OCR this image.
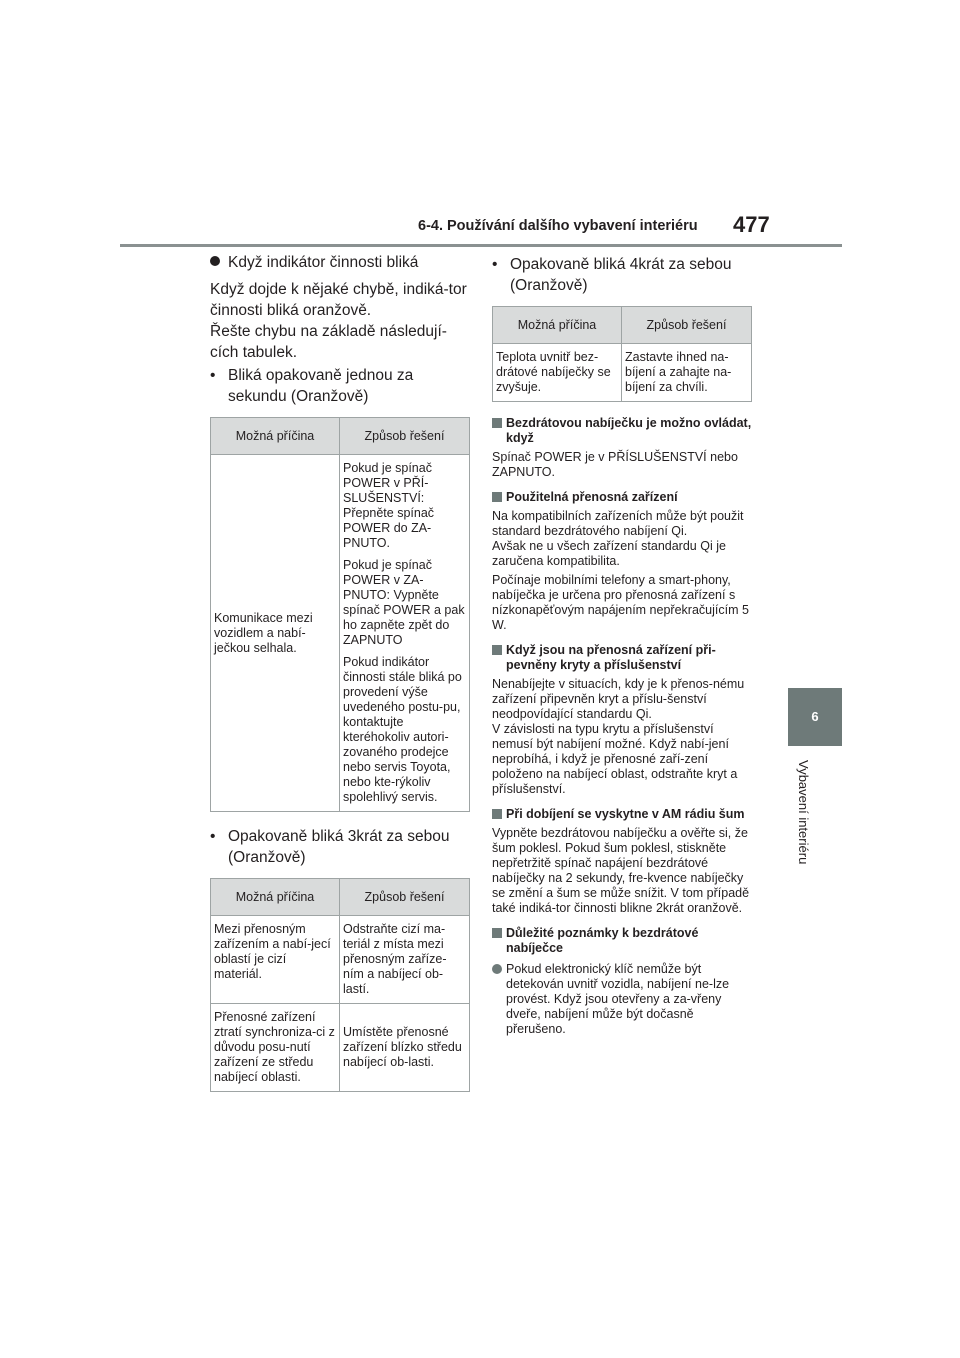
6-4. Používání dalšího vybavení interiéru 477
6
Vybavení interiéru
Když indikátor činnosti bliká

Když dojde k nějaké chybě, indiká-tor činnosti bliká oranžově.

Řešte chybu na základě následují-cích tabulek.

• Bliká opakovaně jednou za sekundu (Oranžově)
Možná příčina	Způsob řešení
Komunikace mezi vozidlem a nabí-ječkou selhala.	Pokud je spínač POWER v PŘÍ-SLUŠENSTVÍ: Přepněte spínač POWER do ZA-PNUTO.

Pokud je spínač POWER v ZA-PNUTO: Vypněte spínač POWER a pak ho zapněte zpět do ZAPNUTO

Pokud indikátor činnosti stále bliká po provedení výše uvedeného postu-pu, kontaktujte kteréhokoliv autori-zovaného prodejce nebo servis Toyota, nebo kte-rýkoliv spolehlivý servis.

• Opakovaně bliká 3krát za sebou (Oranžově)
Možná příčina	Způsob řešení
Mezi přenosným zařízením a nabí-jecí oblastí je cizí materiál.	Odstraňte cizí ma-teriál z místa mezi přenosným zaříze-ním a nabíjecí ob-lastí.
Přenosné zařízení ztratí synchroniza-ci z důvodu posu-nutí zařízení ze středu nabíjecí oblasti.	Umístěte přenosné zařízení blízko středu nabíjecí ob-lasti.
• Opakovaně bliká 4krát za sebou (Oranžově)
Možná příčina	Způsob řešení
Teplota uvnitř bez-drátové nabíječky se zvyšuje.	Zastavte ihned na-bíjení a zahajte na-bíjení za chvíli.
Bezdrátovou nabíječku je možno ovládat, když

Spínač POWER je v PŘÍSLUŠENSTVÍ nebo ZAPNUTO.

Použitelná přenosná zařízení

Na kompatibilních zařízeních může být použit standard bezdrátového nabíjení Qi.

Avšak ne u všech zařízení standardu Qi je zaručena kompatibilita.

Počínaje mobilními telefony a smart-phony, nabíječka je určena pro přenosná zařízení s nízkonapěťovým napájením nepřekračujícím 5 W.

Když jsou na přenosná zařízení při-pevněny kryty a příslušenství

Nenabíjejte v situacích, kdy je k přenos-nému zařízení připevněn kryt a příslu-šenství neodpovídající standardu Qi.

V závislosti na typu krytu a příslušenství nemusí být nabíjení možné. Když nabí-jení neprobíhá, i když je přenosné zaří-zení položeno na nabíjecí oblast, odstraňte kryt a příslušenství.

Při dobíjení se vyskytne v AM rádiu šum

Vypněte bezdrátovou nabíječku a ověřte si, že šum poklesl. Pokud šum poklesl, stiskněte nepřetržitě spínač napájení bezdrátové nabíječky na 2 sekundy, fre-kvence nabíječky se změní a šum se může snížit. V tom případě také indiká-tor činnosti blikne 2krát oranžově.

Důležité poznámky k bezdrátové nabíječce
Pokud elektronický klíč nemůže být detekován uvnitř vozidla, nabíjení ne-lze provést. Když jsou otevřeny a za-vřeny dveře, nabíjení může být dočasně přerušeno.
